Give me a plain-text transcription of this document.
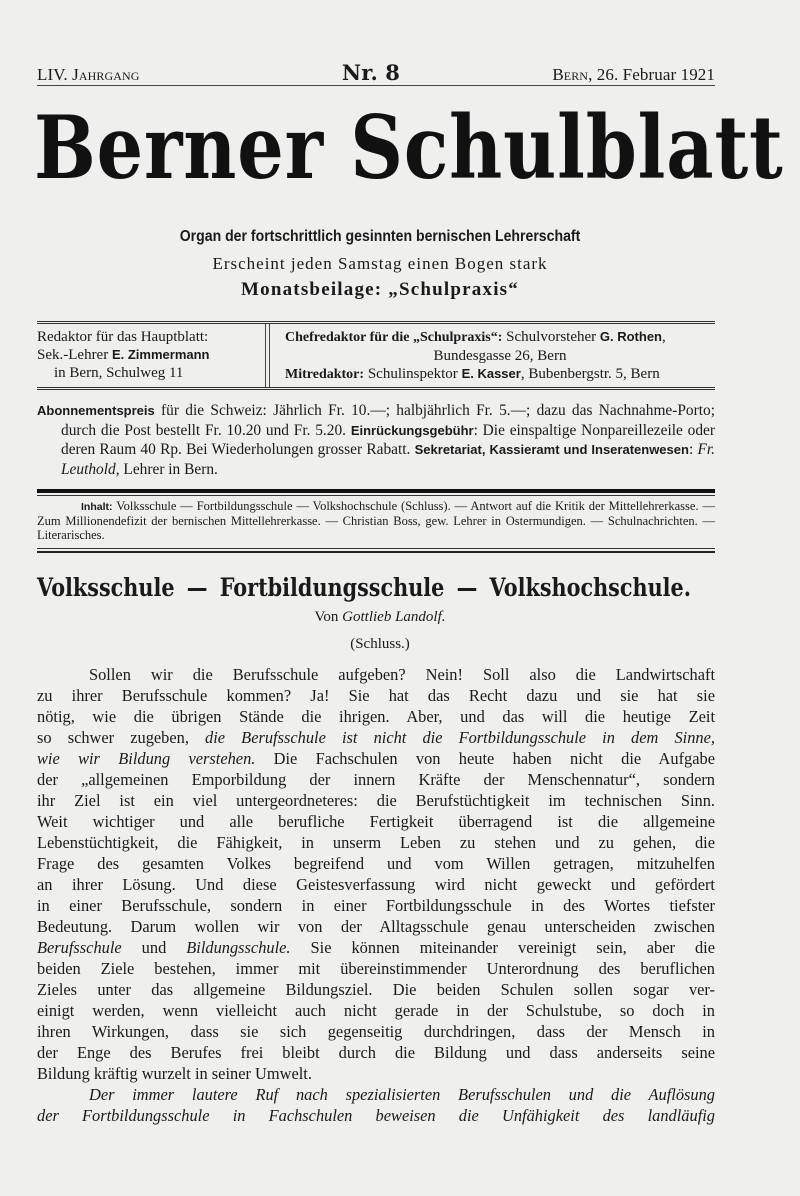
LIV. Jahrgang	Nr. 8	Bern, 26. Februar 1921
Berner Schulblatt
Organ der fortschrittlich gesinnten bernischen Lehrerschaft
Erscheint jeden Samstag einen Bogen stark
Monatsbeilage: „Schulpraxis“
Redaktor für das Hauptblatt:
Sek.-Lehrer E. Zimmermann
in Bern, Schulweg 11
Chefredaktor für die „Schulpraxis“: Schulvorsteher G. Rothen,
Bundesgasse 26, Bern
Mitredaktor: Schulinspektor E. Kasser, Bubenbergstr. 5, Bern

Abonnementspreis für die Schweiz: Jährlich Fr. 10.—; halbjährlich Fr. 5.—; dazu das Nachnahme-Porto; durch die Post bestellt Fr. 10.20 und Fr. 5.20. Einrückungsgebühr: Die einspaltige Nonpareillezeile oder deren Raum 40 Rp. Bei Wiederholungen grosser Rabatt. Sekretariat, Kassieramt und Inseratenwesen: Fr. Leuthold, Lehrer in Bern.

Inhalt: Volksschule — Fortbildungsschule — Volkshochschule (Schluss). — Antwort auf die Kritik der Mittellehrerkasse. — Zum Millionendefizit der bernischen Mittellehrerkasse. — Christian Boss, gew. Lehrer in Ostermundigen. — Schulnachrichten. — Literarisches.

Volksschule — Fortbildungsschule — Volkshochschule.
Von Gottlieb Landolf.
(Schluss.)
Sollen wir die Berufsschule aufgeben? Nein! Soll also die Landwirtschaft
zu ihrer Berufsschule kommen? Ja! Sie hat das Recht dazu und sie hat sie
nötig, wie die übrigen Stände die ihrigen. Aber, und das will die heutige Zeit
so schwer zugeben, die Berufsschule ist nicht die Fortbildungsschule in dem Sinne,
wie wir Bildung verstehen. Die Fachschulen von heute haben nicht die Aufgabe
der „allgemeinen Emporbildung der innern Kräfte der Menschennatur“, sondern
ihr Ziel ist ein viel untergeordneteres: die Berufstüchtigkeit im technischen Sinn.
Weit wichtiger und alle berufliche Fertigkeit überragend ist die allgemeine
Lebenstüchtigkeit, die Fähigkeit, in unserm Leben zu stehen und zu gehen, die
Frage des gesamten Volkes begreifend und vom Willen getragen, mitzuhelfen
an ihrer Lösung. Und diese Geistesverfassung wird nicht geweckt und gefördert
in einer Berufsschule, sondern in einer Fortbildungsschule in des Wortes tiefster
Bedeutung. Darum wollen wir von der Alltagsschule genau unterscheiden zwischen
Berufsschule und Bildungsschule. Sie können miteinander vereinigt sein, aber die
beiden Ziele bestehen, immer mit übereinstimmender Unterordnung des beruflichen
Zieles unter das allgemeine Bildungsziel. Die beiden Schulen sollen sogar ver-
einigt werden, wenn vielleicht auch nicht gerade in der Schulstube, so doch in
ihren Wirkungen, dass sie sich gegenseitig durchdringen, dass der Mensch in
der Enge des Berufes frei bleibt durch die Bildung und dass anderseits seine
Bildung kräftig wurzelt in seiner Umwelt.
Der immer lautere Ruf nach spezialisierten Berufsschulen und die Auflösung
der Fortbildungsschule in Fachschulen beweisen die Unfähigkeit des landläufig
